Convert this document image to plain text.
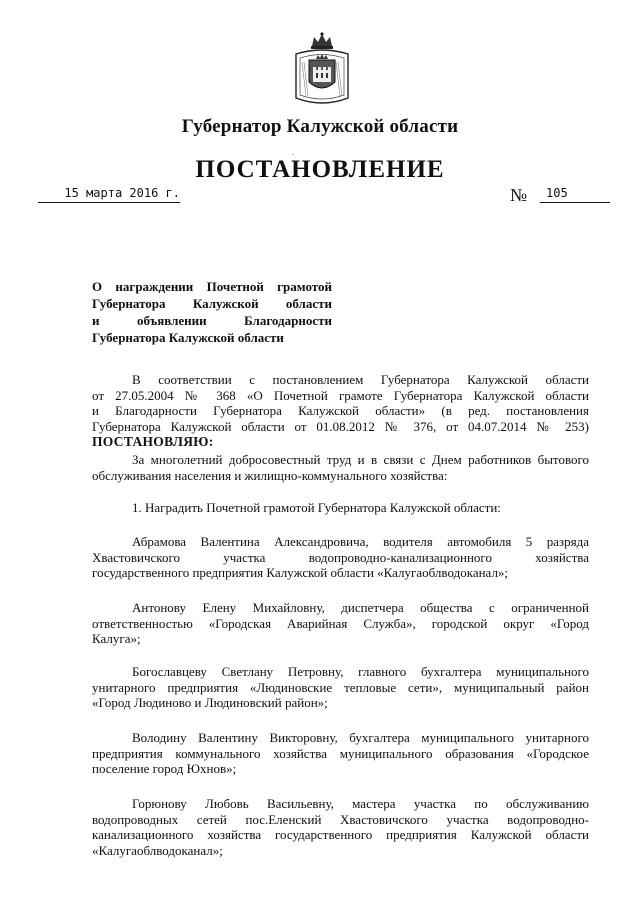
Губернатор Калужской области
.
ПОСТАНОВЛЕНИЕ
15 марта 2016 г.	№	105
О награждении Почетной грамотой
Губернатора Калужской области
и объявлении Благодарности
Губернатора Калужской области
В соответствии с постановлением Губернатора Калужской области
от 27.05.2004 № 368 «О Почетной грамоте Губернатора Калужской области
и Благодарности Губернатора Калужской области» (в ред. постановления
Губернатора Калужской области от 01.08.2012 № 376, от 04.07.2014 № 253)
ПОСТАНОВЛЯЮ:
За многолетний добросовестный труд и в связи с Днем работников бытового
обслуживания населения и жилищно-коммунального хозяйства:
1. Наградить Почетной грамотой Губернатора Калужской области:
Абрамова Валентина Александровича, водителя автомобиля 5 разряда
Хвастовичского участка водопроводно-канализационного хозяйства
государственного предприятия Калужской области «Калугаоблводоканал»;
Антонову Елену Михайловну, диспетчера общества с ограниченной
ответственностью «Городская Аварийная Служба», городской округ «Город
Калуга»;
Богославцеву Светлану Петровну, главного бухгалтера муниципального
унитарного предприятия «Людиновские тепловые сети», муниципальный район
«Город Людиново и Людиновский район»;
Володину Валентину Викторовну, бухгалтера муниципального унитарного
предприятия коммунального хозяйства муниципального образования «Городское
поселение город Юхнов»;
Горюнову Любовь Васильевну, мастера участка по обслуживанию
водопроводных сетей пос.Еленский Хвастовичского участка водопроводно-
канализационного хозяйства государственного предприятия Калужской области
«Калугаоблводоканал»;
